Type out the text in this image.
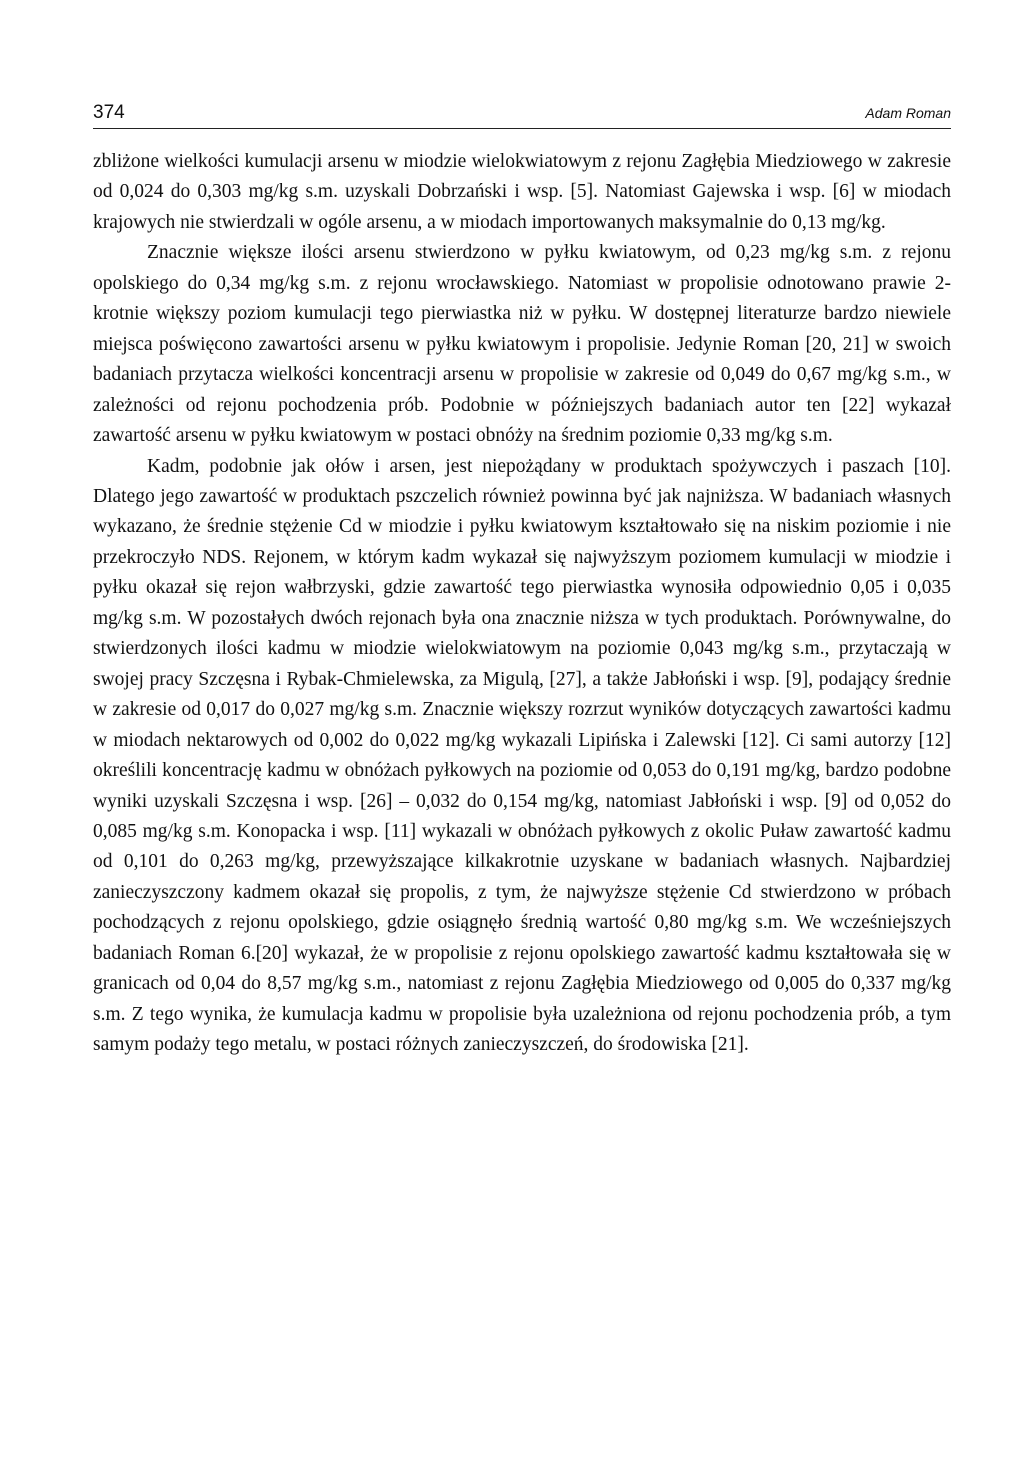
374	Adam Roman

zbliżone wielkości kumulacji arsenu w miodzie wielokwiatowym z rejonu Zagłębia Miedziowego w zakresie od 0,024 do 0,303 mg/kg s.m. uzyskali Dobrzański i wsp. [5]. Natomiast Gajewska i wsp. [6] w miodach krajowych nie stwierdzali w ogóle arsenu, a w miodach importowanych maksymalnie do 0,13 mg/kg.

Znacznie większe ilości arsenu stwierdzono w pyłku kwiatowym, od 0,23 mg/kg s.m. z rejonu opolskiego do 0,34 mg/kg s.m. z rejonu wrocławskiego. Natomiast w propolisie odnotowano prawie 2-krotnie większy poziom kumulacji tego pierwiastka niż w pyłku. W dostępnej literaturze bardzo niewiele miejsca poświęcono zawartości arsenu w pyłku kwiatowym i propolisie. Jedynie Roman [20, 21] w swoich badaniach przytacza wielkości koncentracji arsenu w propolisie w zakresie od 0,049 do 0,67 mg/kg s.m., w zależności od rejonu pochodzenia prób. Podobnie w późniejszych badaniach autor ten [22] wykazał zawartość arsenu w pyłku kwiatowym w postaci obnóży na średnim poziomie 0,33 mg/kg s.m.

Kadm, podobnie jak ołów i arsen, jest niepożądany w produktach spożywczych i paszach [10]. Dlatego jego zawartość w produktach pszczelich również powinna być jak najniższa. W badaniach własnych wykazano, że średnie stężenie Cd w miodzie i pyłku kwiatowym kształtowało się na niskim poziomie i nie przekroczyło NDS. Rejonem, w którym kadm wykazał się najwyższym poziomem kumulacji w miodzie i pyłku okazał się rejon wałbrzyski, gdzie zawartość tego pierwiastka wynosiła odpowiednio 0,05 i 0,035 mg/kg s.m. W pozostałych dwóch rejonach była ona znacznie niższa w tych produktach. Porównywalne, do stwierdzonych ilości kadmu w miodzie wielokwiatowym na poziomie 0,043 mg/kg s.m., przytaczają w swojej pracy Szczęsna i Rybak-Chmielewska, za Migulą, [27], a także Jabłoński i wsp. [9], podający średnie w zakresie od 0,017 do 0,027 mg/kg s.m. Znacznie większy rozrzut wyników dotyczących zawartości kadmu w miodach nektarowych od 0,002 do 0,022 mg/kg wykazali Lipińska i Zalewski [12]. Ci sami autorzy [12] określili koncentrację kadmu w obnóżach pyłkowych na poziomie od 0,053 do 0,191 mg/kg, bardzo podobne wyniki uzyskali Szczęsna i wsp. [26] – 0,032 do 0,154 mg/kg, natomiast Jabłoński i wsp. [9] od 0,052 do 0,085 mg/kg s.m. Konopacka i wsp. [11] wykazali w obnóżach pyłkowych z okolic Puław zawartość kadmu od 0,101 do 0,263 mg/kg, przewyższające kilkakrotnie uzyskane w badaniach własnych. Najbardziej zanieczyszczony kadmem okazał się propolis, z tym, że najwyższe stężenie Cd stwierdzono w próbach pochodzących z rejonu opolskiego, gdzie osiągnęło średnią wartość 0,80 mg/kg s.m. We wcześniejszych badaniach Roman 6.[20] wykazał, że w propolisie z rejonu opolskiego zawartość kadmu kształtowała się w granicach od 0,04 do 8,57 mg/kg s.m., natomiast z rejonu Zagłębia Miedziowego od 0,005 do 0,337 mg/kg s.m. Z tego wynika, że kumulacja kadmu w propolisie była uzależniona od rejonu pochodzenia prób, a tym samym podaży tego metalu, w postaci różnych zanieczyszczeń, do środowiska [21].
